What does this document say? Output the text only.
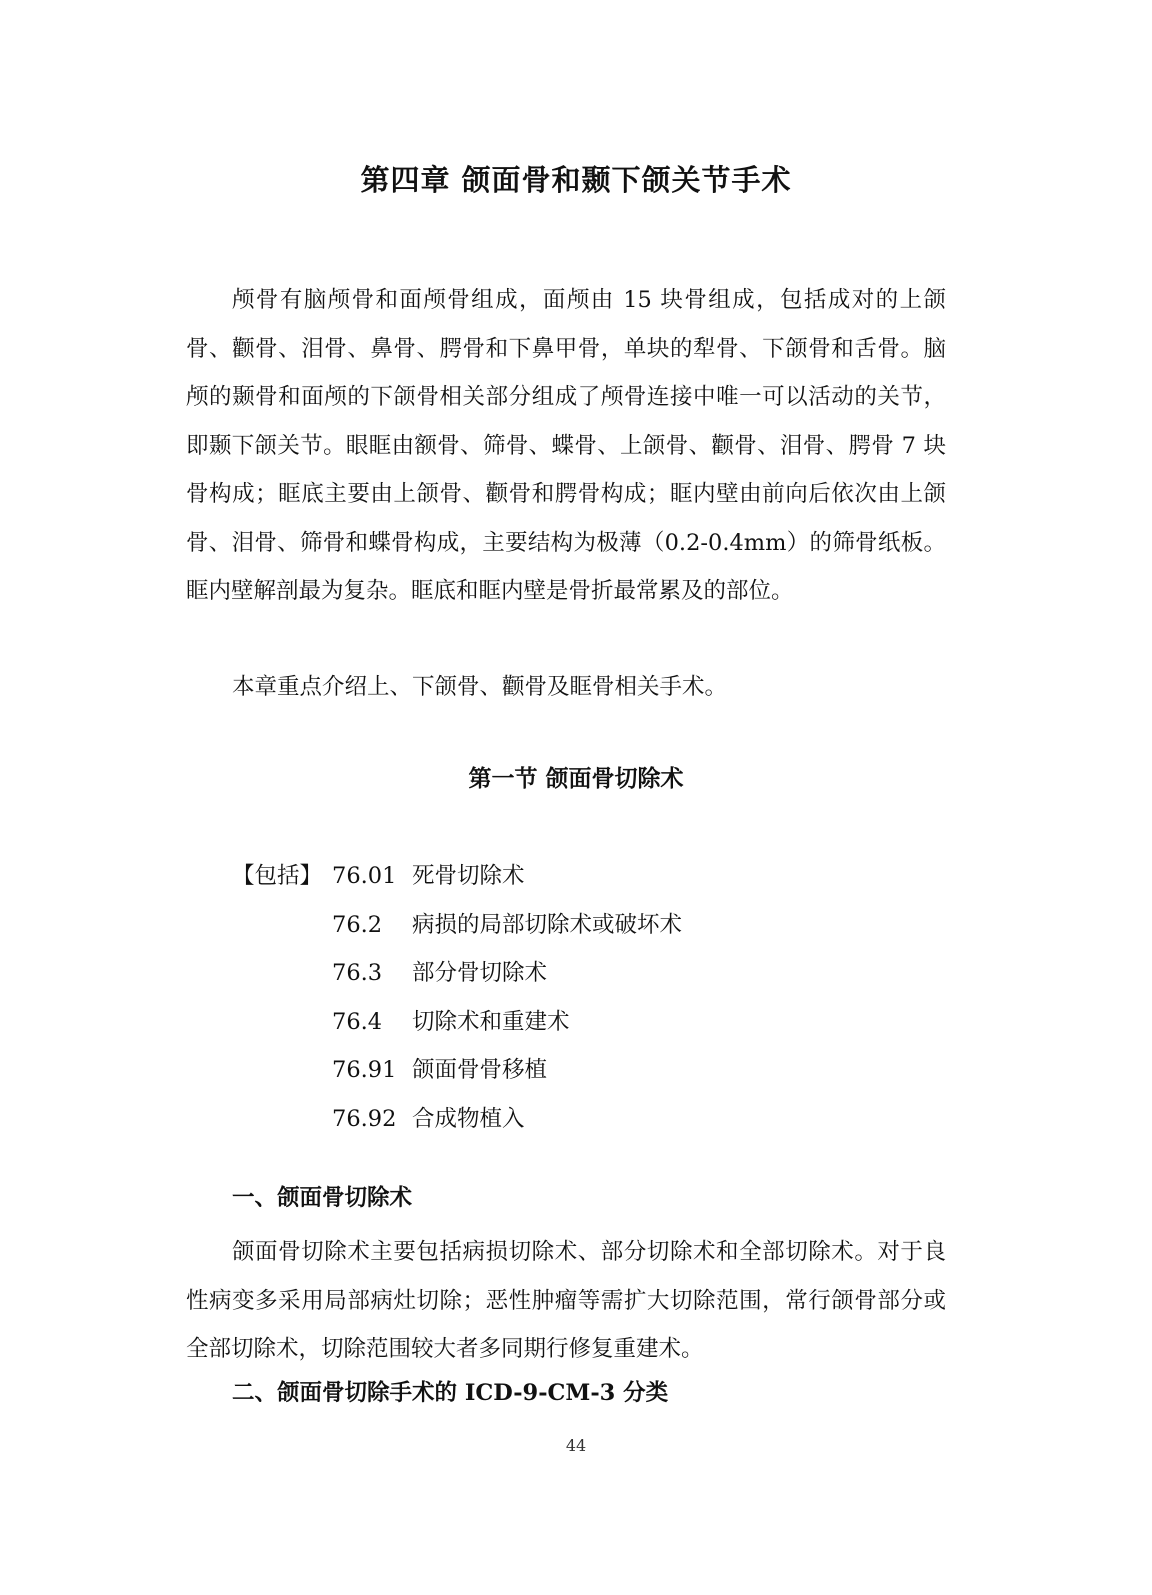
第四章 颌面骨和颞下颌关节手术

颅骨有脑颅骨和面颅骨组成，面颅由 15 块骨组成，包括成对的上颌骨、颧骨、泪骨、鼻骨、腭骨和下鼻甲骨，单块的犁骨、下颌骨和舌骨。脑颅的颞骨和面颅的下颌骨相关部分组成了颅骨连接中唯一可以活动的关节，即颞下颌关节。眼眶由额骨、筛骨、蝶骨、上颌骨、颧骨、泪骨、腭骨 7 块骨构成；眶底主要由上颌骨、颧骨和腭骨构成；眶内壁由前向后依次由上颌骨、泪骨、筛骨和蝶骨构成，主要结构为极薄（0.2-0.4mm）的筛骨纸板。眶内壁解剖最为复杂。眶底和眶内壁是骨折最常累及的部位。

本章重点介绍上、下颌骨、颧骨及眶骨相关手术。

第一节 颌面骨切除术
【包括】 76.01 死骨切除术
76.2	病损的局部切除术或破坏术
76.3	部分骨切除术
76.4	切除术和重建术
76.91 颌面骨骨移植
76.92 合成物植入
一、颌面骨切除术

颌面骨切除术主要包括病损切除术、部分切除术和全部切除术。对于良性病变多采用局部病灶切除；恶性肿瘤等需扩大切除范围，常行颌骨部分或全部切除术，切除范围较大者多同期行修复重建术。

二、颌面骨切除手术的 ICD-9-CM-3 分类
44
